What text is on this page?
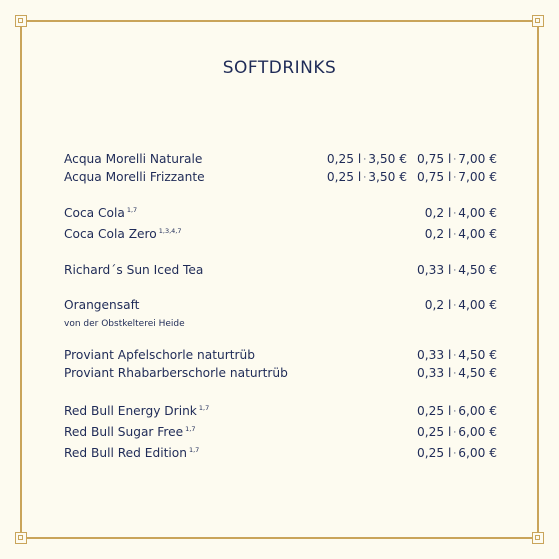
SOFTDRINKS
Acqua Morelli Naturale	0,25 l · 3,50 € 0,75 l · 7,00 €
Acqua Morelli Frizzante	0,25 l · 3,50 € 0,75 l · 7,00 €
Coca Cola $^{1,7}$	0,2 l · 4,00 €
Coca Cola Zero $^{1,3,4,7}$	0,2 l · 4,00 €
Richard´s Sun Iced Tea	0,33 l · 4,50 €
Orangensaft	0,2 l · 4,00 €
von der Obstkelterei Heide
Proviant Apfelschorle naturtrüb	0,33 l · 4,50 €
Proviant Rhabarberschorle naturtrüb	0,33 l · 4,50 €
Red Bull Energy Drink $^{1,7}$	0,25 l · 6,00 €
Red Bull Sugar Free $^{1,7}$	0,25 l · 6,00 €
Red Bull Red Edition $^{1,7}$	0,25 l · 6,00 €
